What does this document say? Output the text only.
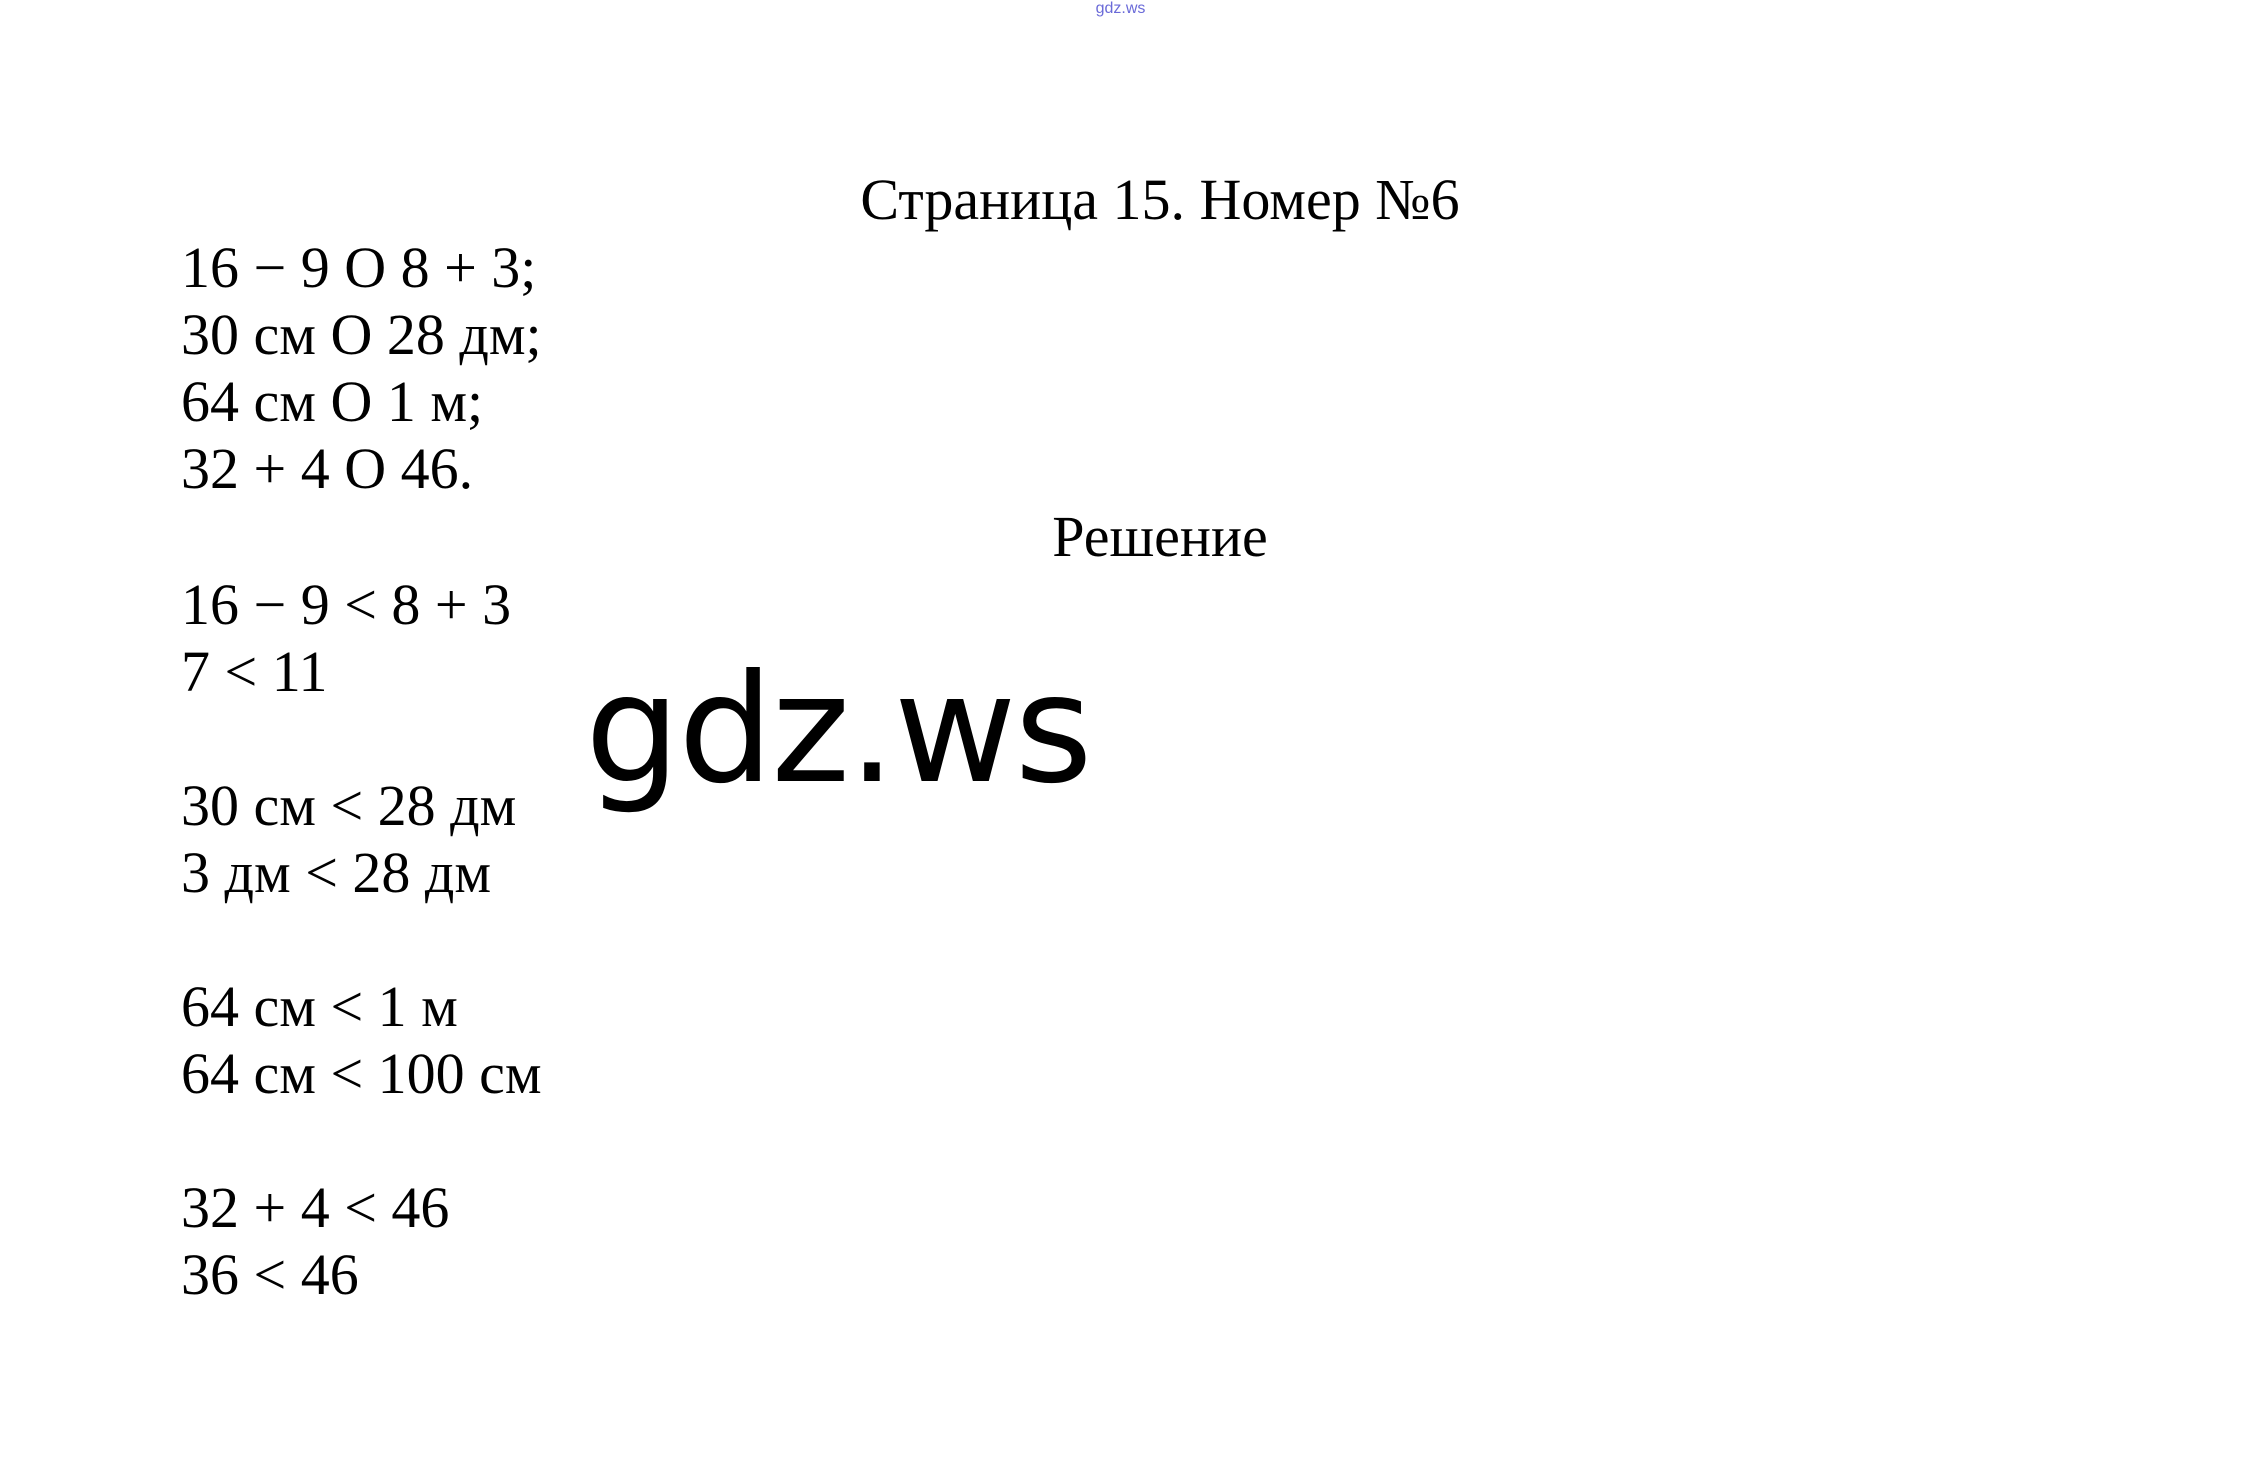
gdz.ws
Страница 15. Номер №6
16 − 9 O 8 + 3;
30 см O 28 дм;
64 см O 1 м;
32 + 4 O 46.
Решение
16 − 9 < 8 + 3
7 < 11
30 см < 28 дм
3 дм < 28 дм
64 см < 1 м
64 см < 100 см
32 + 4 < 46
36 < 46
gdz.ws
